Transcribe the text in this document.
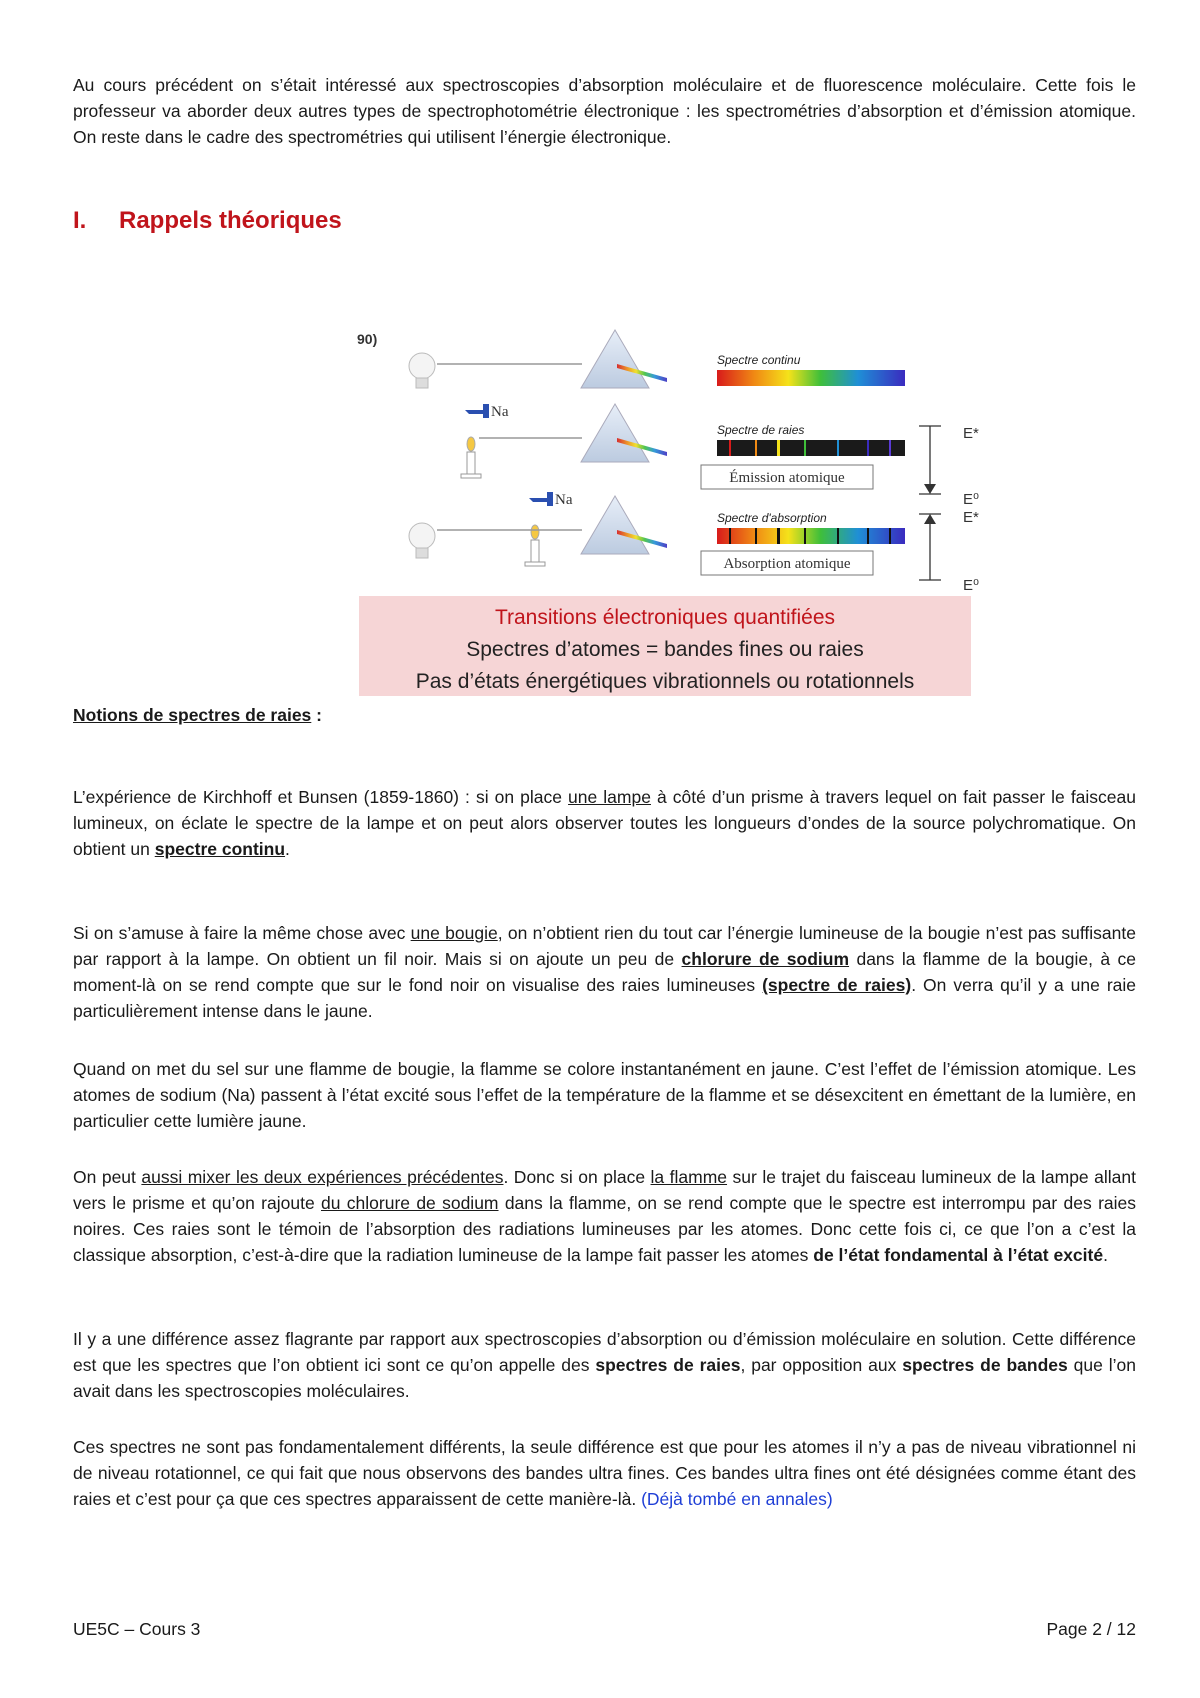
Au cours précédent on s’était intéressé aux spectroscopies d’absorption moléculaire et de fluorescence moléculaire. Cette fois le professeur va aborder deux autres types de spectrophotométrie électronique : les spectrométries d’absorption et d’émission atomique. On reste dans le cadre des spectrométries qui utilisent l’énergie électronique.

I. Rappels théoriques
90)
Spectre continu
Na
Spectre de raies
Émission atomique
E*
E⁰
Na
Spectre d'absorption
Absorption atomique
E*
E⁰
Transitions électroniques quantifiées
Spectres d’atomes = bandes fines ou raies
Pas d’états énergétiques vibrationnels ou rotationnels
Notions de spectres de raies :

L’expérience de Kirchhoff et Bunsen (1859-1860) : si on place une lampe à côté d’un prisme à travers lequel on fait passer le faisceau lumineux, on éclate le spectre de la lampe et on peut alors observer toutes les longueurs d’ondes de la source polychromatique. On obtient un spectre continu.

Si on s’amuse à faire la même chose avec une bougie, on n’obtient rien du tout car l’énergie lumineuse de la bougie n’est pas suffisante par rapport à la lampe. On obtient un fil noir. Mais si on ajoute un peu de chlorure de sodium dans la flamme de la bougie, à ce moment-là on se rend compte que sur le fond noir on visualise des raies lumineuses (spectre de raies). On verra qu’il y a une raie particulièrement intense dans le jaune.

Quand on met du sel sur une flamme de bougie, la flamme se colore instantanément en jaune. C’est l’effet de l’émission atomique. Les atomes de sodium (Na) passent à l’état excité sous l’effet de la température de la flamme et se désexcitent en émettant de la lumière, en particulier cette lumière jaune.

On peut aussi mixer les deux expériences précédentes. Donc si on place la flamme sur le trajet du faisceau lumineux de la lampe allant vers le prisme et qu’on rajoute du chlorure de sodium dans la flamme, on se rend compte que le spectre est interrompu par des raies noires. Ces raies sont le témoin de l’absorption des radiations lumineuses par les atomes. Donc cette fois ci, ce que l’on a c’est la classique absorption, c’est-à-dire que la radiation lumineuse de la lampe fait passer les atomes de l’état fondamental à l’état excité.

Il y a une différence assez flagrante par rapport aux spectroscopies d’absorption ou d’émission moléculaire en solution. Cette différence est que les spectres que l’on obtient ici sont ce qu’on appelle des spectres de raies, par opposition aux spectres de bandes que l’on avait dans les spectroscopies moléculaires.

Ces spectres ne sont pas fondamentalement différents, la seule différence est que pour les atomes il n’y a pas de niveau vibrationnel ni de niveau rotationnel, ce qui fait que nous observons des bandes ultra fines. Ces bandes ultra fines ont été désignées comme étant des raies et c’est pour ça que ces spectres apparaissent de cette manière-là. (Déjà tombé en annales)

UE5C – Cours 3	Page 2 / 12
